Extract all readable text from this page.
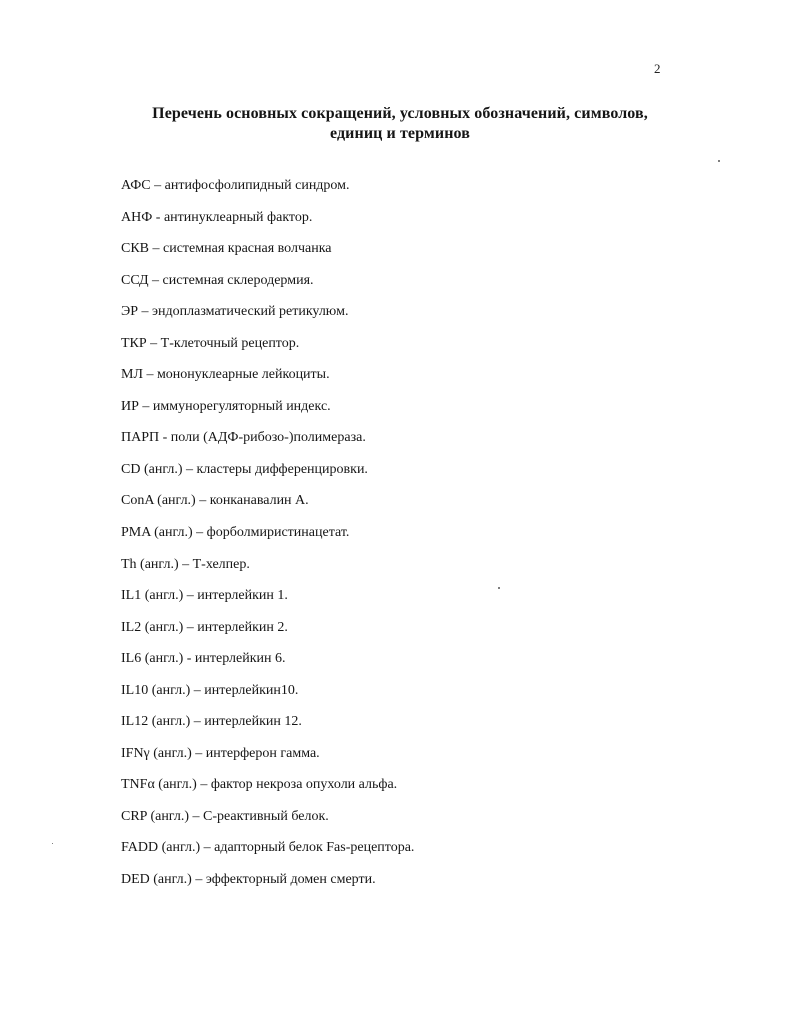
2
Перечень основных сокращений, условных обозначений, символов,
единиц и терминов
АФС – антифосфолипидный синдром.
АНФ - антинуклеарный фактор.
СКВ – системная красная волчанка
ССД – системная склеродермия.
ЭР – эндоплазматический ретикулюм.
ТКР – Т-клеточный рецептор.
МЛ – мононуклеарные лейкоциты.
ИР – иммунорегуляторный индекс.
ПАРП - поли (АДФ-рибозо-)полимераза.
CD (англ.) – кластеры дифференцировки.
ConA (англ.) – конканавалин А.
PMA (англ.) – форболмиристинацетат.
Th (англ.) – Т-хелпер.
IL1 (англ.) – интерлейкин 1.
IL2 (англ.) – интерлейкин 2.
IL6 (англ.) - интерлейкин 6.
IL10 (англ.) – интерлейкин10.
IL12 (англ.) – интерлейкин 12.
IFNγ (англ.) – интерферон гамма.
TNFα (англ.) – фактор некроза опухоли альфа.
CRP (англ.) – С-реактивный белок.
FADD (англ.) – адапторный белок Fas-рецептора.
DED (англ.) – эффекторный домен смерти.
